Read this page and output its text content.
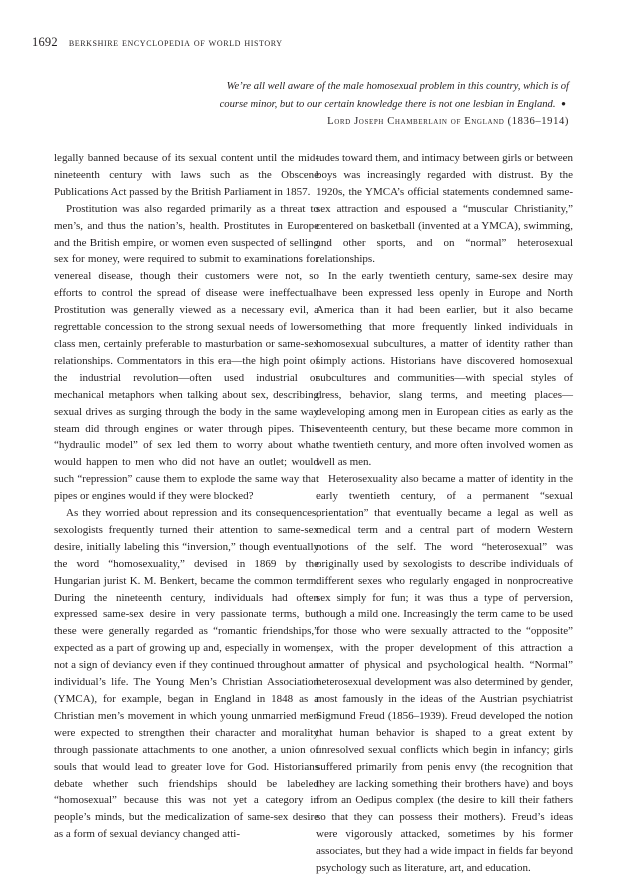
1692 berkshire encyclopedia of world history
We’re all well aware of the male homosexual problem in this country, which is of course minor, but to our certain knowledge there is not one lesbian in England. ● Lord Joseph Chamberlain of England (1836–1914)

legally banned because of its sexual content until the mid-nineteenth century with laws such as the Obscene Publications Act passed by the British Parliament in 1857.

Prostitution was also regarded primarily as a threat to men’s, and thus the nation’s, health. Prostitutes in Europe and the British empire, or women even suspected of selling sex for money, were required to submit to examinations for venereal disease, though their customers were not, so efforts to control the spread of disease were ineffectual. Prostitution was generally viewed as a necessary evil, a regrettable concession to the strong sexual needs of lower-class men, certainly preferable to masturbation or same-sex relationships. Commentators in this era—the high point of the industrial revolution—often used industrial or mechanical metaphors when talking about sex, describing sexual drives as surging through the body in the same way steam did through engines or water through pipes. This “hydraulic model” of sex led them to worry about what would happen to men who did not have an outlet; would such “repression” cause them to explode the same way that pipes or engines would if they were blocked?

As they worried about repression and its consequences, sexologists frequently turned their attention to same-sex desire, initially labeling this “inversion,” though eventually the word “homosexuality,” devised in 1869 by the Hungarian jurist K. M. Benkert, became the common term. During the nineteenth century, individuals had often expressed same-sex desire in very passionate terms, but these were generally regarded as “romantic friendships,” expected as a part of growing up and, especially in women, not a sign of deviancy even if they continued throughout an individual’s life. The Young Men’s Christian Association (YMCA), for example, began in England in 1848 as a Christian men’s movement in which young unmarried men were expected to strengthen their character and morality through passionate attachments to one another, a union of souls that would lead to greater love for God. Historians debate whether such friendships should be labeled “homosexual” because this was not yet a category in people’s minds, but the medicalization of same-sex desire as a form of sexual deviancy changed atti-

tudes toward them, and intimacy between girls or between boys was increasingly regarded with distrust. By the 1920s, the YMCA’s official statements condemned same-sex attraction and espoused a “muscular Christianity,” centered on basketball (invented at a YMCA), swimming, and other sports, and on “normal” heterosexual relationships.

In the early twentieth century, same-sex desire may have been expressed less openly in Europe and North America than it had been earlier, but it also became something that more frequently linked individuals in homosexual subcultures, a matter of identity rather than simply actions. Historians have discovered homosexual subcultures and communities—with special styles of dress, behavior, slang terms, and meeting places—developing among men in European cities as early as the seventeenth century, but these became more common in the twentieth century, and more often involved women as well as men.

Heterosexuality also became a matter of identity in the early twentieth century, of a permanent “sexual orientation” that eventually became a legal as well as medical term and a central part of modern Western notions of the self. The word “heterosexual” was originally used by sexologists to describe individuals of different sexes who regularly engaged in nonprocreative sex simply for fun; it was thus a type of perversion, though a mild one. Increasingly the term came to be used for those who were sexually attracted to the “opposite” sex, with the proper development of this attraction a matter of physical and psychological health. “Normal” heterosexual development was also determined by gender, most famously in the ideas of the Austrian psychiatrist Sigmund Freud (1856–1939). Freud developed the notion that human behavior is shaped to a great extent by unresolved sexual conflicts which begin in infancy; girls suffered primarily from penis envy (the recognition that they are lacking something their brothers have) and boys from an Oedipus complex (the desire to kill their fathers so that they can possess their mothers). Freud’s ideas were vigorously attacked, sometimes by his former associates, but they had a wide impact in fields far beyond psychology such as literature, art, and education.
